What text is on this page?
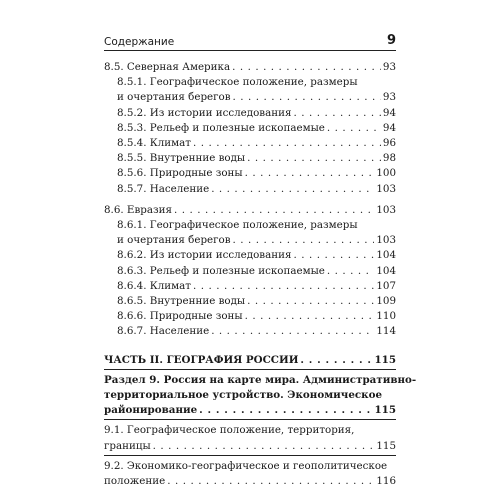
Содержание	9
8.5. Северная Америка . . .	93
8.5.1. Географическое положение, размеры
и очертания берегов . . .	93
8.5.2. Из истории исследования . . .	94
8.5.3. Рельеф и полезные ископаемые . . .	94
8.5.4. Климат . . .	96
8.5.5. Внутренние воды . . .	98
8.5.6. Природные зоны . . .	100
8.5.7. Население . . .	103
8.6. Евразия . . .	103
8.6.1. Географическое положение, размеры
и очертания берегов . . .	103
8.6.2. Из истории исследования . . .	104
8.6.3. Рельеф и полезные ископаемые . . .	104
8.6.4. Климат . . .	107
8.6.5. Внутренние воды . . .	109
8.6.6. Природные зоны . . .	110
8.6.7. Население . . .	114
ЧАСТЬ II. ГЕОГРАФИЯ РОССИИ . . .	115
Раздел 9. Россия на карте мира. Административно-
территориальное устройство. Экономическое
районирование . . .	115
9.1. Географическое положение, территория,
границы . . .	115
9.2. Экономико-географическое и геополитическое
положение . . .	116
